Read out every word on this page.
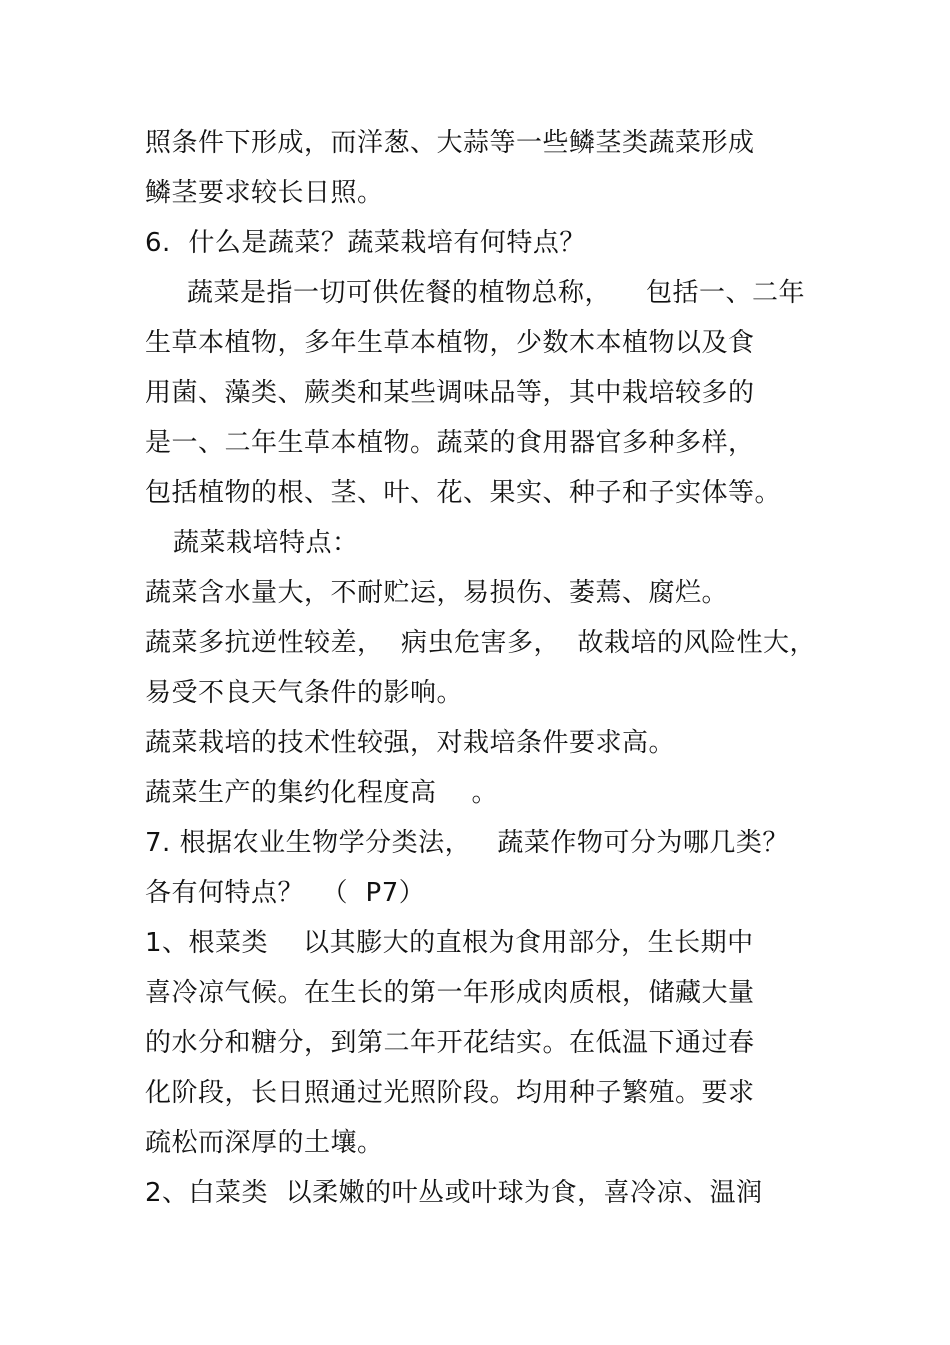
照条件下形成，而洋葱、大蒜等一些鳞茎类蔬菜形成
鳞茎要求较长日照。
6.  什么是蔬菜？蔬菜栽培有何特点？
蔬菜是指一切可供佐餐的植物总称，    包括一、二年
生草本植物，多年生草本植物，少数木本植物以及食
用菌、藻类、蕨类和某些调味品等，其中栽培较多的
是一、二年生草本植物。蔬菜的食用器官多种多样，
包括植物的根、茎、叶、花、果实、种子和子实体等。
蔬菜栽培特点：
蔬菜含水量大，不耐贮运，易损伤、萎蔫、腐烂。
蔬菜多抗逆性较差，  病虫危害多，  故栽培的风险性大，
易受不良天气条件的影响。
蔬菜栽培的技术性较强，对栽培条件要求高。
蔬菜生产的集约化程度高    。
7. 根据农业生物学分类法，   蔬菜作物可分为哪几类？
各有何特点？  （  P7）
1、根菜类    以其膨大的直根为食用部分，生长期中
喜冷凉气候。在生长的第一年形成肉质根，储藏大量
的水分和糖分，到第二年开花结实。在低温下通过春
化阶段，长日照通过光照阶段。均用种子繁殖。要求
疏松而深厚的土壤。
2、白菜类  以柔嫩的叶丛或叶球为食，喜冷凉、温润
